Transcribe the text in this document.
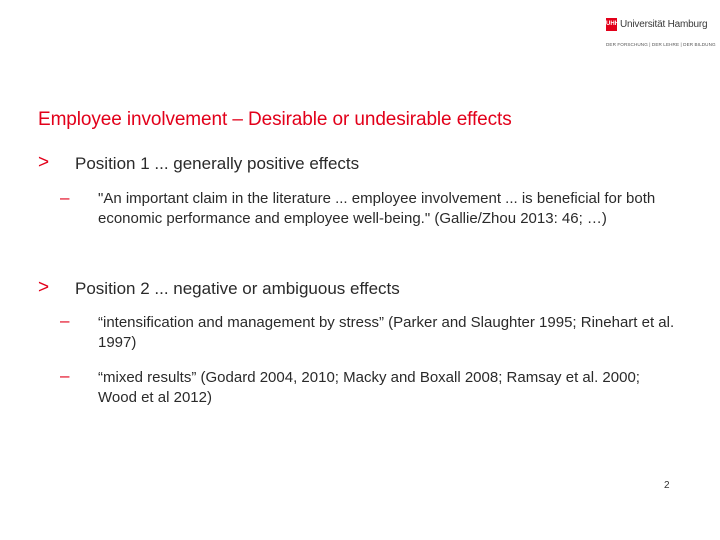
UHH Universität Hamburg
DER FORSCHUNG | DER LEHRE | DER BILDUNG
Employee involvement – Desirable or undesirable effects
> Position 1 ... generally positive effects
– "An important claim in the literature ... employee involvement ... is beneficial for both economic performance and employee well-being." (Gallie/Zhou 2013: 46; …)
> Position 2 ... negative or ambiguous effects
– “intensification and management by stress” (Parker and Slaughter 1995; Rinehart et al. 1997)
– “mixed results” (Godard 2004, 2010; Macky and Boxall 2008; Ramsay et al. 2000; Wood et al 2012)
2
